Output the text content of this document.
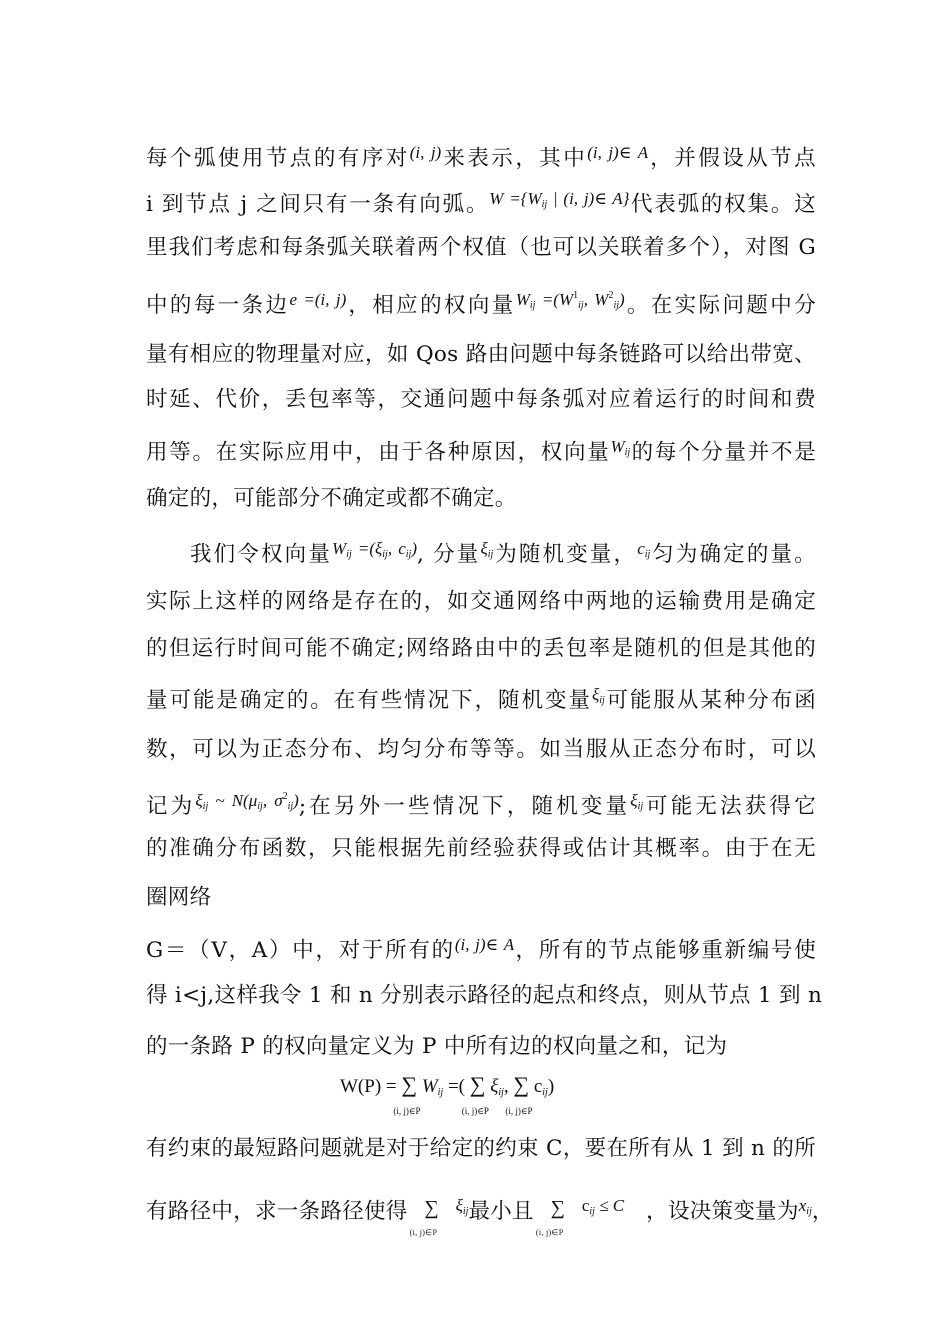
每个弧使用节点的有序对$^{(i, j)}$来表示，其中$^{(i, j)\in A}$，并假设从节点
i 到节点 j 之间只有一条有向弧。$^{W =\{W_{ij} | (i, j)\in A\}}$代表弧的权集。这
里我们考虑和每条弧关联着两个权值（也可以关联着多个），对图 G
中的每一条边$^{e =(i, j)}$，相应的权向量$^{W_{ij} =(W^1_{ij}, W^2_{ij})}$。在实际问题中分
量有相应的物理量对应，如 Qos 路由问题中每条链路可以给出带宽、
时延、代价，丢包率等，交通问题中每条弧对应着运行的时间和费
用等。在实际应用中，由于各种原因，权向量$^{W_{ij}}$的每个分量并不是
确定的，可能部分不确定或都不确定。
我们令权向量$^{W_{ij} =(\xi_{ij}, c_{ij})}$, 分量$^{\xi_{ij}}$为随机变量，$^{c_{ij}}$匀为确定的量。
实际上这样的网络是存在的，如交通网络中两地的运输费用是确定
的但运行时间可能不确定;网络路由中的丢包率是随机的但是其他的
量可能是确定的。在有些情况下，随机变量$^{\xi_{ij}}$可能服从某种分布函
数，可以为正态分布、均匀分布等等。如当服从正态分布时，可以
记为$^{\xi_{ij} \sim N(\mu_{ij}, \sigma^2_{ij})}$;在另外一些情况下，随机变量$^{\xi_{ij}}$可能无法获得它
的准确分布函数，只能根据先前经验获得或估计其概率。由于在无
圈网络
G＝（V，A）中，对于所有的$^{(i, j)\in A}$，所有的节点能够重新编号使
得 i<j,这样我令 1 和 n 分别表示路径的起点和终点，则从节点 1 到 n
的一条路 P 的权向量定义为 P 中所有边的权向量之和，记为
W(P) = ∑
(i, j)∈P
$W_{ij}$ =( ∑
(i, j)∈P
$\xi_{ij}$, ∑
(i, j)∈P
$c_{ij}$)
有约束的最短路问题就是对于给定的约束 C，要在所有从 1 到 n 的所
有路径中，求一条路径使得 ∑
(i, j)∈P
$^{\xi_{ij}}$最小且 ∑
(i, j)∈P
$^{c_{ij} \le C}$ ，设决策变量为$^{x_{ij}}$，
